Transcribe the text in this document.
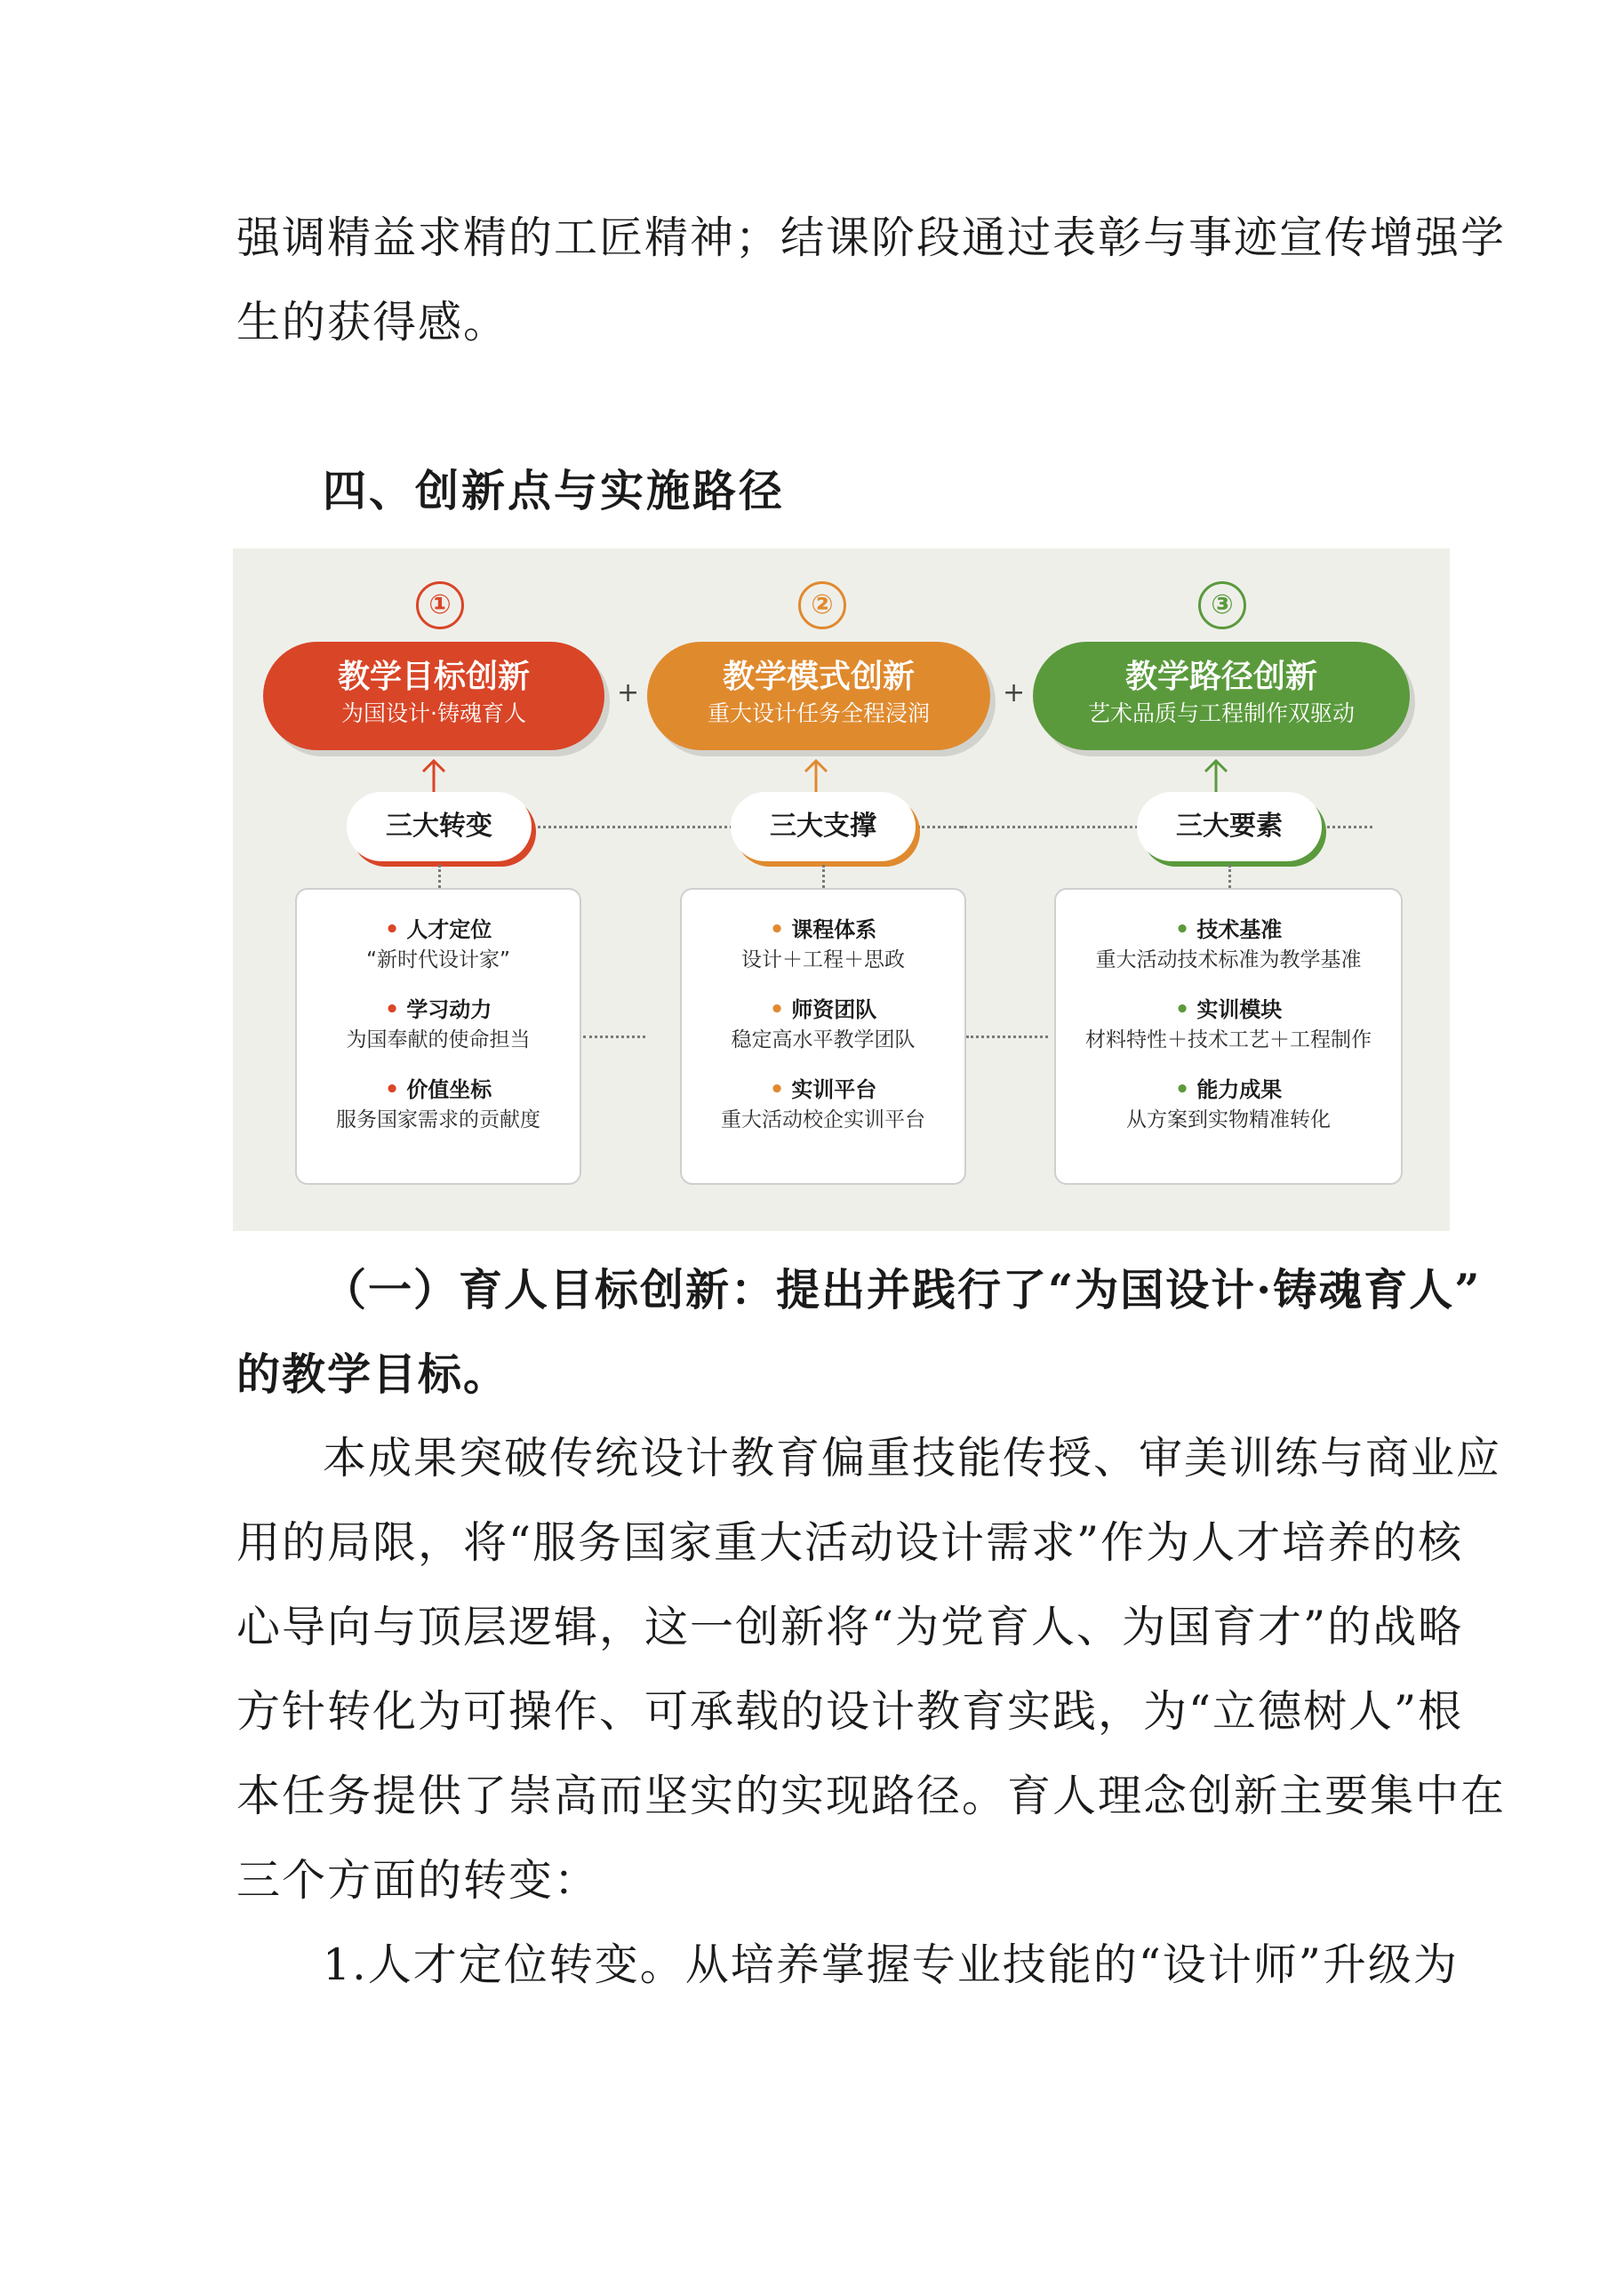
强调精益求精的工匠精神；结课阶段通过表彰与事迹宣传增强学
生的获得感。
四、创新点与实施路径
①	②	③
教学目标创新
为国设计·铸魂育人
+	教学模式创新
重大设计任务全程浸润
+	教学路径创新
艺术品质与工程制作双驱动
三大转变	三大支撑	三大要素
• 人才定位
“新时代设计家”
• 学习动力
为国奉献的使命担当
• 价值坐标
服务国家需求的贡献度
• 课程体系
设计＋工程＋思政
• 师资团队
稳定高水平教学团队
• 实训平台
重大活动校企实训平台
• 技术基准
重大活动技术标准为教学基准
• 实训模块
材料特性＋技术工艺＋工程制作
• 能力成果
从方案到实物精准转化
（一）育人目标创新：提出并践行了“为国设计·铸魂育人”
的教学目标。
本成果突破传统设计教育偏重技能传授、审美训练与商业应
用的局限，将“服务国家重大活动设计需求”作为人才培养的核
心导向与顶层逻辑，这一创新将“为党育人、为国育才”的战略
方针转化为可操作、可承载的设计教育实践，为“立德树人”根
本任务提供了崇高而坚实的实现路径。育人理念创新主要集中在
三个方面的转变：
1.人才定位转变。从培养掌握专业技能的“设计师”升级为
